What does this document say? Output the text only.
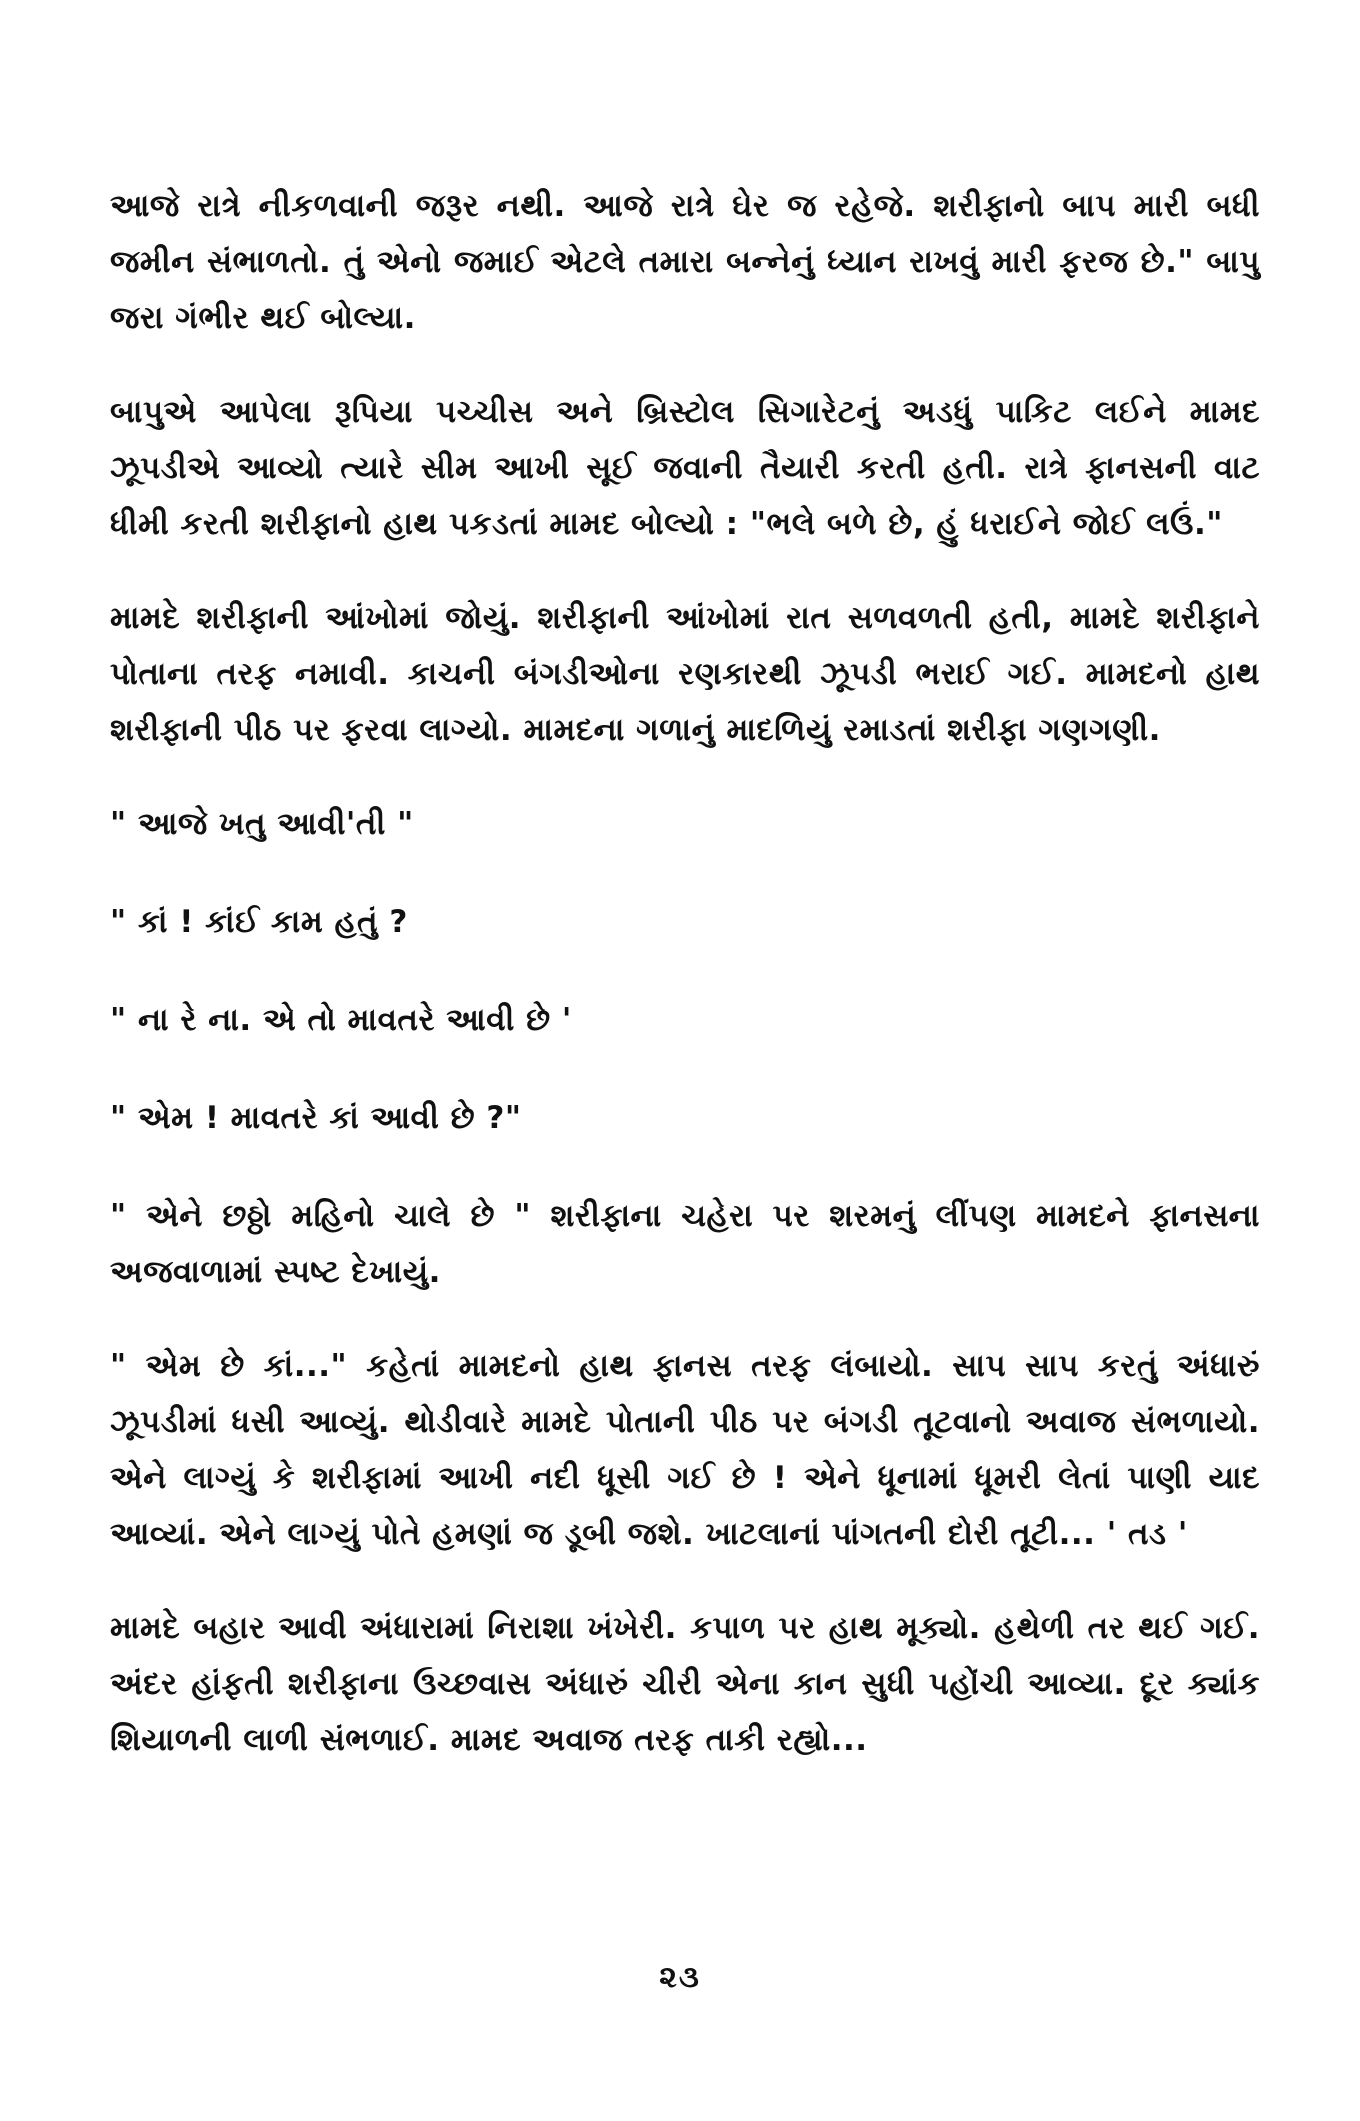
આજે રાત્રે નીકળવાની જરૂર નથી. આજે રાત્રે ઘેર જ રહેજે. શરીફાનો બાપ મારી બધી જમીન સંભાળતો. તું એનો જમાઈ એટલે તમારા બન્નેનું ધ્યાન રાખવું મારી ફરજ છે." બાપુ જરા ગંભીર થઈ બોલ્યા.

બાપુએ આપેલા રૂપિયા પચ્ચીસ અને બ્રિસ્ટોલ સિગારેટનું અડધું પાકિટ લઈને મામદ ઝૂપડીએ આવ્યો ત્યારે સીમ આખી સૂઈ જવાની તૈયારી કરતી હતી. રાત્રે ફાનસની વાટ ધીમી કરતી શરીફાનો હાથ પકડતાં મામદ બોલ્યો : "ભલે બળે છે, હું ધરાઈને જોઈ લઉં."

મામદે શરીફાની આંખોમાં જોયું. શરીફાની આંખોમાં રાત સળવળતી હતી, મામદે શરીફાને પોતાના તરફ નમાવી. કાચની બંગડીઓના રણકારથી ઝૂપડી ભરાઈ ગઈ. મામદનો હાથ શરીફાની પીઠ પર ફરવા લાગ્યો. મામદના ગળાનું માદળિયું રમાડતાં શરીફા ગણગણી.

" આજે ખતુ આવી'તી "

" કાં ! કાંઈ કામ હતું ?

" ના રે ના. એ તો માવતરે આવી છે '

" એમ ! માવતરે કાં આવી છે ?"

" એને છઠ્ઠો મહિનો ચાલે છે " શરીફાના ચહેરા પર શરમનું લીંપણ મામદને ફાનસના અજવાળામાં સ્પષ્ટ દેખાયું.

" એમ છે કાં..." કહેતાં મામદનો હાથ ફાનસ તરફ લંબાયો. સાપ સાપ કરતું અંધારું ઝૂપડીમાં ધસી આવ્યું. થોડીવારે મામદે પોતાની પીઠ પર બંગડી તૂટવાનો અવાજ સંભળાયો. એને લાગ્યું કે શરીફામાં આખી નદી ધૂસી ગઈ છે ! એને ધૂનામાં ધૂમરી લેતાં પાણી યાદ આવ્યાં. એને લાગ્યું પોતે હમણાં જ ડૂબી જશે. ખાટલાનાં પાંગતની દોરી તૂટી... ' તડ '

મામદે બહાર આવી અંધારામાં નિરાશા ખંખેરી. કપાળ પર હાથ મૂક્યો. હથેળી તર થઈ ગઈ. અંદર હાંફતી શરીફાના ઉચ્છવાસ અંધારું ચીરી એના કાન સુધી પહોંચી આવ્યા. દૂર ક્યાંક શિયાળની લાળી સંભળાઈ. મામદ અવાજ તરફ તાકી રહ્યો...

૨૩
